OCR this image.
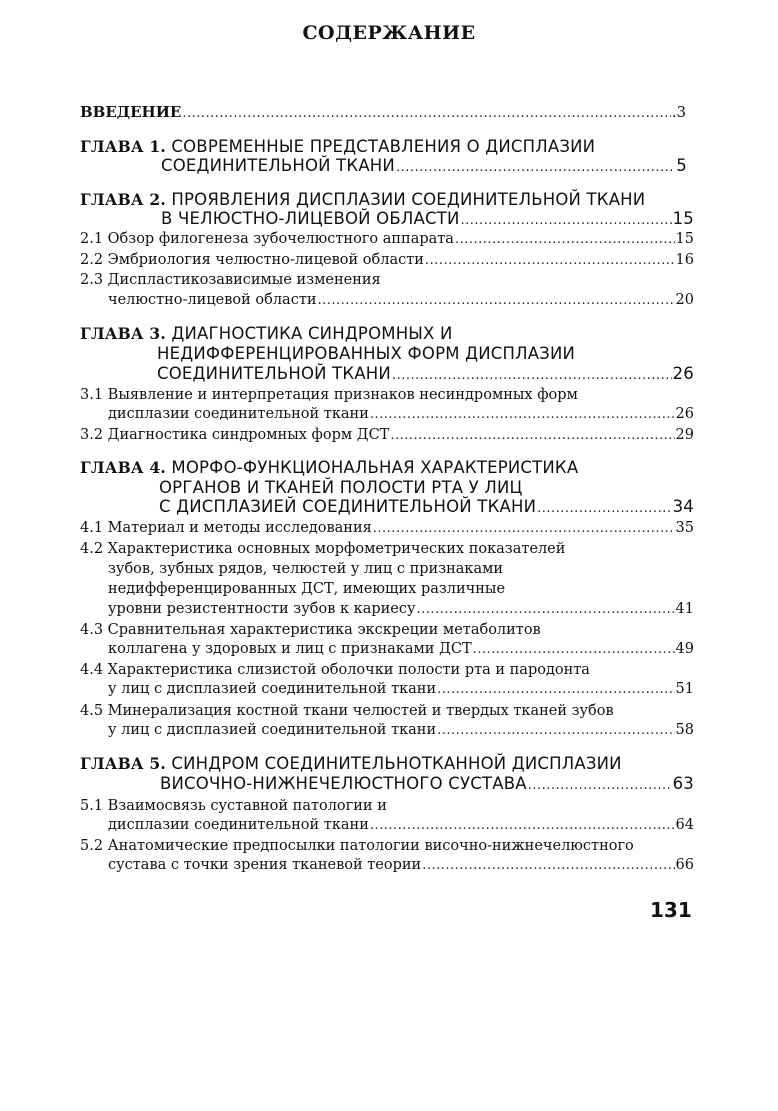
СОДЕРЖАНИЕ
ВВЕДЕНИЕ .....	.3
ГЛАВА 1. СОВРЕМЕННЫЕ ПРЕДСТАВЛЕНИЯ О ДИСПЛАЗИИ
СОЕДИНИТЕЛЬНОЙ ТКАНИ .....	5
ГЛАВА 2. ПРОЯВЛЕНИЯ ДИСПЛАЗИИ СОЕДИНИТЕЛЬНОЙ ТКАНИ
В ЧЕЛЮСТНО-ЛИЦЕВОЙ ОБЛАСТИ .....	15
2.1 Обзор филогенеза зубочелюстного аппарата .....	15
2.2 Эмбриология челюстно-лицевой области .....	16
2.3 Диспластикозависимые изменения
челюстно-лицевой области .....	20
ГЛАВА 3. ДИАГНОСТИКА СИНДРОМНЫХ И
НЕДИФФЕРЕНЦИРОВАННЫХ ФОРМ ДИСПЛАЗИИ
СОЕДИНИТЕЛЬНОЙ ТКАНИ .....	26
3.1 Выявление и интерпретация признаков несиндромных форм
дисплазии соединительной ткани .....	26
3.2 Диагностика синдромных форм ДСТ .....	29
ГЛАВА 4. МОРФО-ФУНКЦИОНАЛЬНАЯ ХАРАКТЕРИСТИКА
ОРГАНОВ И ТКАНЕЙ ПОЛОСТИ РТА У ЛИЦ
С ДИСПЛАЗИЕЙ СОЕДИНИТЕЛЬНОЙ ТКАНИ .....	34
4.1 Материал и методы исследования .....	35
4.2 Характеристика основных морфометрических показателей
зубов, зубных рядов, челюстей у лиц с признаками
недифференцированных ДСТ, имеющих различные
уровни резистентности зубов к кариесу .....	41
4.3 Сравнительная характеристика экскреции метаболитов
коллагена у здоровых и лиц с признаками ДСТ .....	49
4.4 Характеристика слизистой оболочки полости рта и пародонта
у лиц с дисплазией соединительной ткани .....	51
4.5 Минерализация костной ткани челюстей и твердых тканей зубов
у лиц с дисплазией соединительной ткани .....	58
ГЛАВА 5. СИНДРОМ СОЕДИНИТЕЛЬНОТКАННОЙ ДИСПЛАЗИИ
ВИСОЧНО-НИЖНЕЧЕЛЮСТНОГО СУСТАВА .....	63
5.1 Взаимосвязь суставной патологии и
дисплазии соединительной ткани .....	64
5.2 Анатомические предпосылки патологии височно-нижнечелюстного
сустава с точки зрения тканевой теории .....	66
131
